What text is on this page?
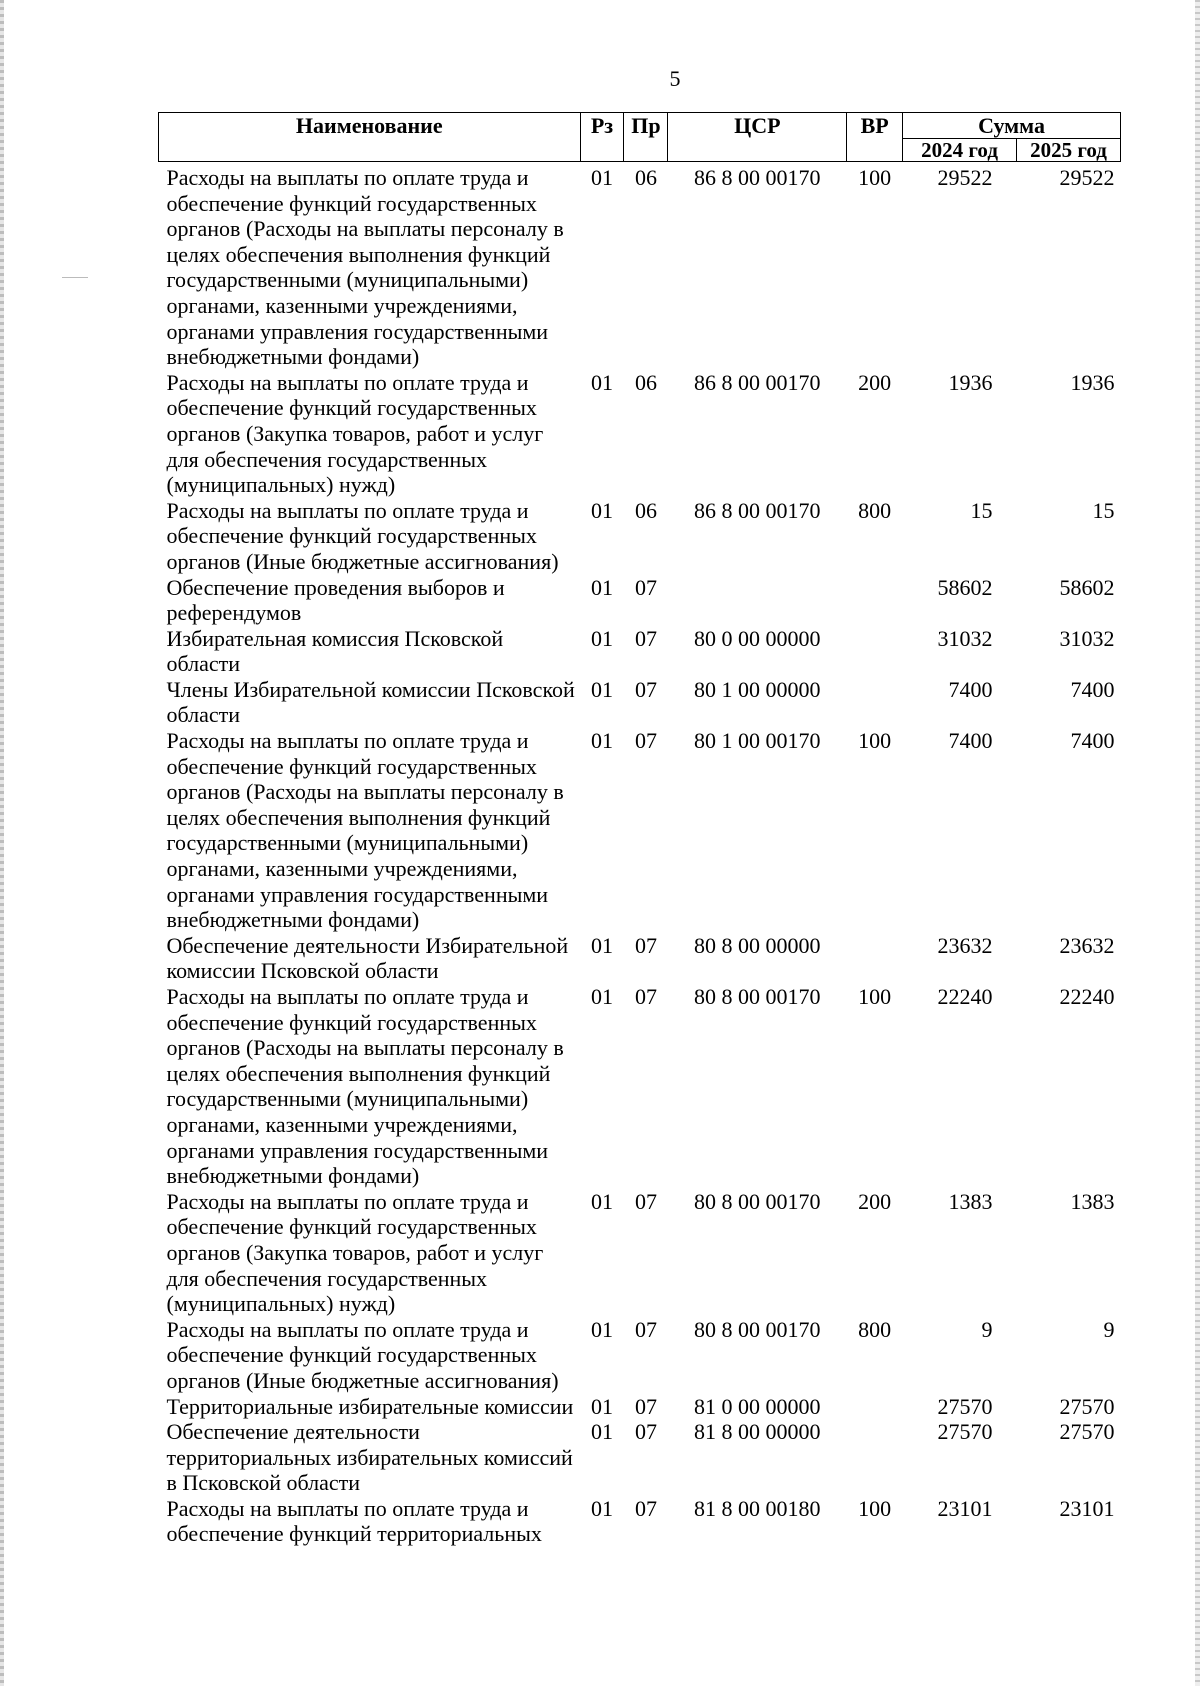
5
Наименование	Рз	Пр	ЦСР	ВР	Сумма	
					2024 год	2025 год
Расходы на выплаты по оплате труда и обеспечение функций государственных органов (Расходы на выплаты персоналу в целях обеспечения выполнения функций государственными (муниципальными) органами, казенными учреждениями, органами управления государственными внебюджетными фондами)	01	06	86 8 00 00170	100	29522	29522
Расходы на выплаты по оплате труда и обеспечение функций государственных органов (Закупка товаров, работ и услуг для обеспечения государственных (муниципальных) нужд)	01	06	86 8 00 00170	200	1936	1936
Расходы на выплаты по оплате труда и обеспечение функций государственных органов (Иные бюджетные ассигнования)	01	06	86 8 00 00170	800	15	15
Обеспечение проведения выборов и референдумов	01	07			58602	58602
Избирательная комиссия Псковской области	01	07	80 0 00 00000		31032	31032
Члены Избирательной комиссии Псковской области	01	07	80 1 00 00000		7400	7400
Расходы на выплаты по оплате труда и обеспечение функций государственных органов (Расходы на выплаты персоналу в целях обеспечения выполнения функций государственными (муниципальными) органами, казенными учреждениями, органами управления государственными внебюджетными фондами)	01	07	80 1 00 00170	100	7400	7400
Обеспечение деятельности Избирательной комиссии Псковской области	01	07	80 8 00 00000		23632	23632
Расходы на выплаты по оплате труда и обеспечение функций государственных органов (Расходы на выплаты персоналу в целях обеспечения выполнения функций государственными (муниципальными) органами, казенными учреждениями, органами управления государственными внебюджетными фондами)	01	07	80 8 00 00170	100	22240	22240
Расходы на выплаты по оплате труда и обеспечение функций государственных органов (Закупка товаров, работ и услуг для обеспечения государственных (муниципальных) нужд)	01	07	80 8 00 00170	200	1383	1383
Расходы на выплаты по оплате труда и обеспечение функций государственных органов (Иные бюджетные ассигнования)	01	07	80 8 00 00170	800	9	9
Территориальные избирательные комиссии	01	07	81 0 00 00000		27570	27570
Обеспечение деятельности территориальных избирательных комиссий в Псковской области	01	07	81 8 00 00000		27570	27570
Расходы на выплаты по оплате труда и обеспечение функций территориальных	01	07	81 8 00 00180	100	23101	23101
